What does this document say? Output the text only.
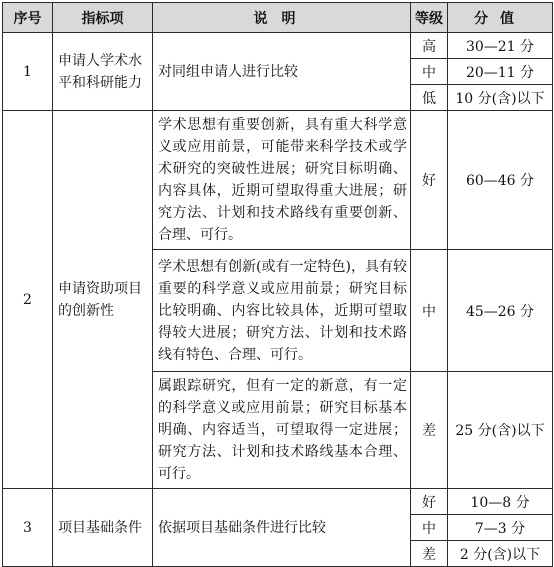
序号	指标项	说明	等级	分值
1	申请人学术水平和科研能力	对同组申请人进行比较	高	30—21 分
			中	20—11 分
			低	10 分(含)以下
2	申请资助项目的创新性	学术思想有重要创新，具有重大科学意义或应用前景，可能带来科学技术或学术研究的突破性进展；研究目标明确、内容具体，近期可望取得重大进展；研究方法、计划和技术路线有重要创新、合理、可行。	好	60—46 分
		学术思想有创新(或有一定特色)，具有较重要的科学意义或应用前景；研究目标比较明确、内容比较具体，近期可望取得较大进展；研究方法、计划和技术路线有特色、合理、可行。	中	45—26 分
		属跟踪研究，但有一定的新意，有一定的科学意义或应用前景；研究目标基本明确、内容适当，可望取得一定进展；研究方法、计划和技术路线基本合理、可行。	差	25 分(含)以下
3	项目基础条件	依据项目基础条件进行比较	好	10—8 分
			中	7—3 分
			差	2 分(含)以下
